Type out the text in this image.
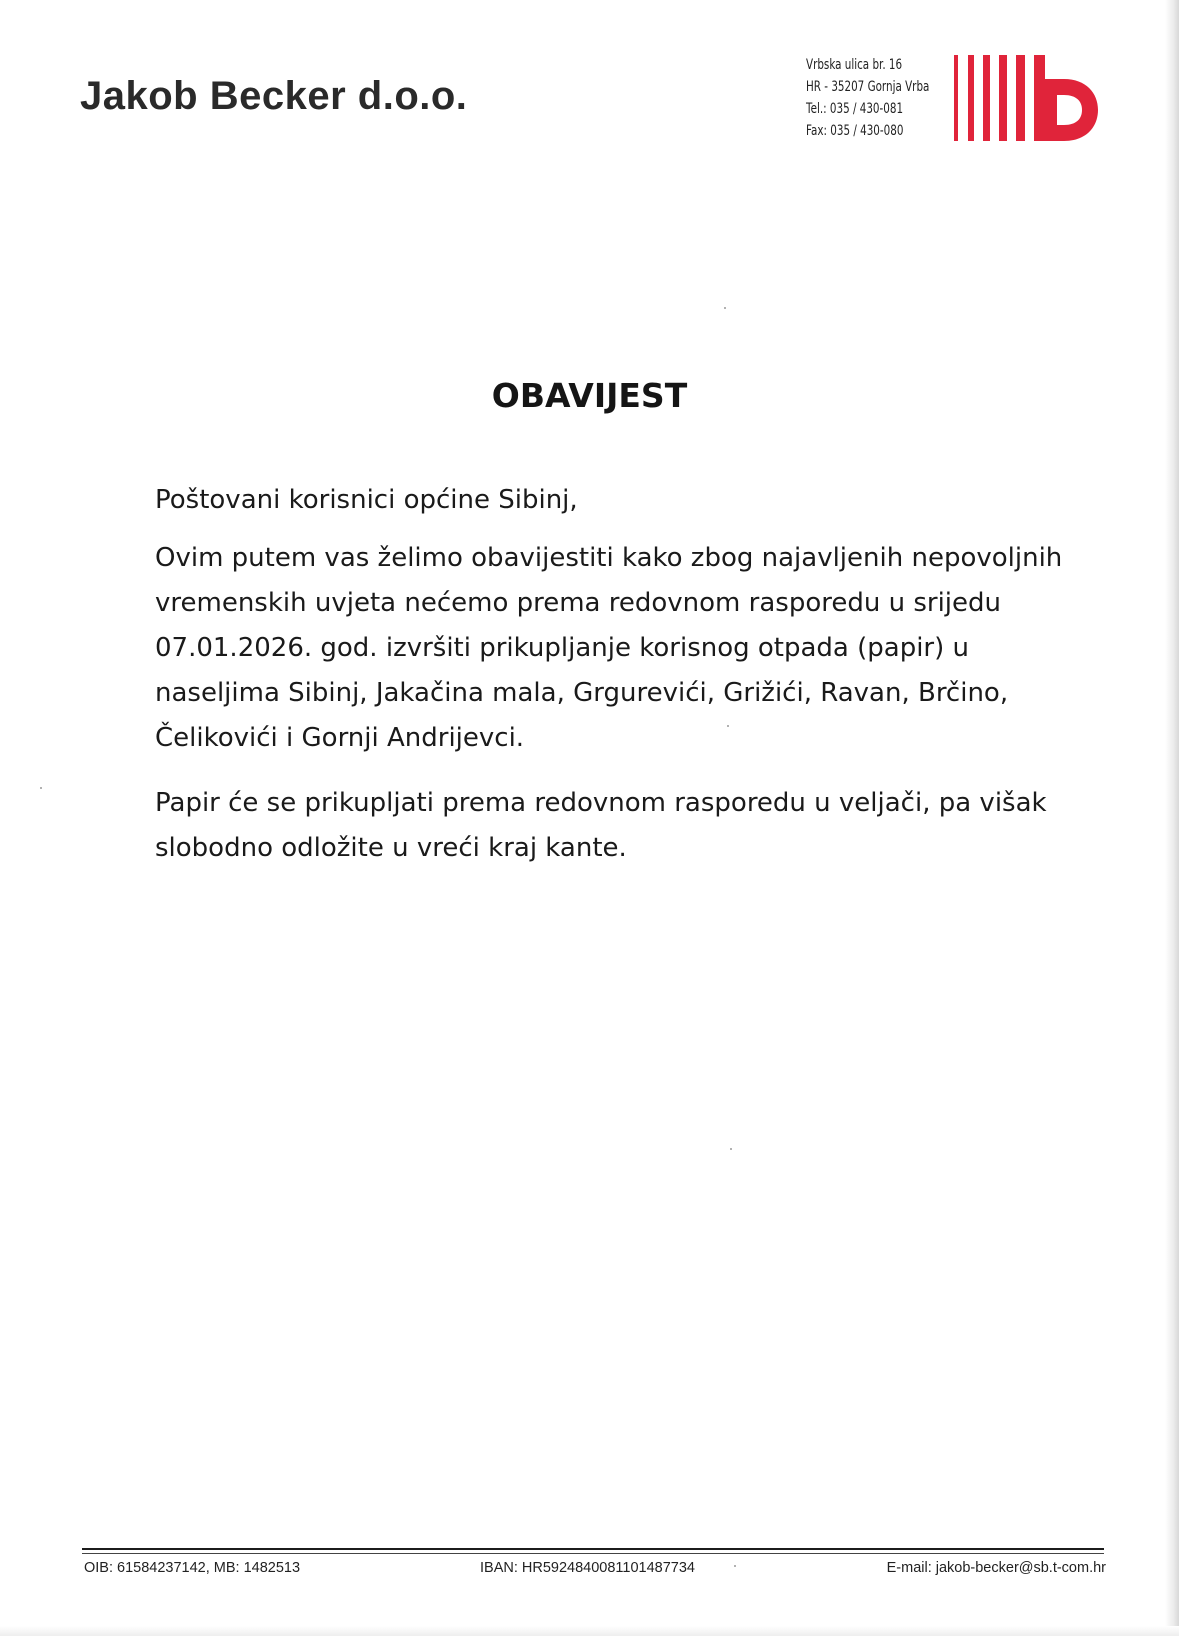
Jakob Becker d.o.o.
Vrbska ulica br. 16
HR - 35207 Gornja Vrba
Tel.: 035 / 430-081
Fax: 035 / 430-080
OBAVIJEST
Poštovani korisnici općine Sibinj,
Ovim putem vas želimo obavijestiti kako zbog najavljenih nepovoljnih
vremenskih uvjeta nećemo prema redovnom rasporedu u srijedu
07.01.2026. god. izvršiti prikupljanje korisnog otpada (papir) u
naseljima Sibinj, Jakačina mala, Grgurevići, Grižići, Ravan, Brčino,
Čelikovići i Gornji Andrijevci.
Papir će se prikupljati prema redovnom rasporedu u veljači, pa višak
slobodno odložite u vreći kraj kante.
OIB: 61584237142, MB: 1482513	IBAN: HR5924840081101487734	E-mail: jakob-becker@sb.t-com.hr
